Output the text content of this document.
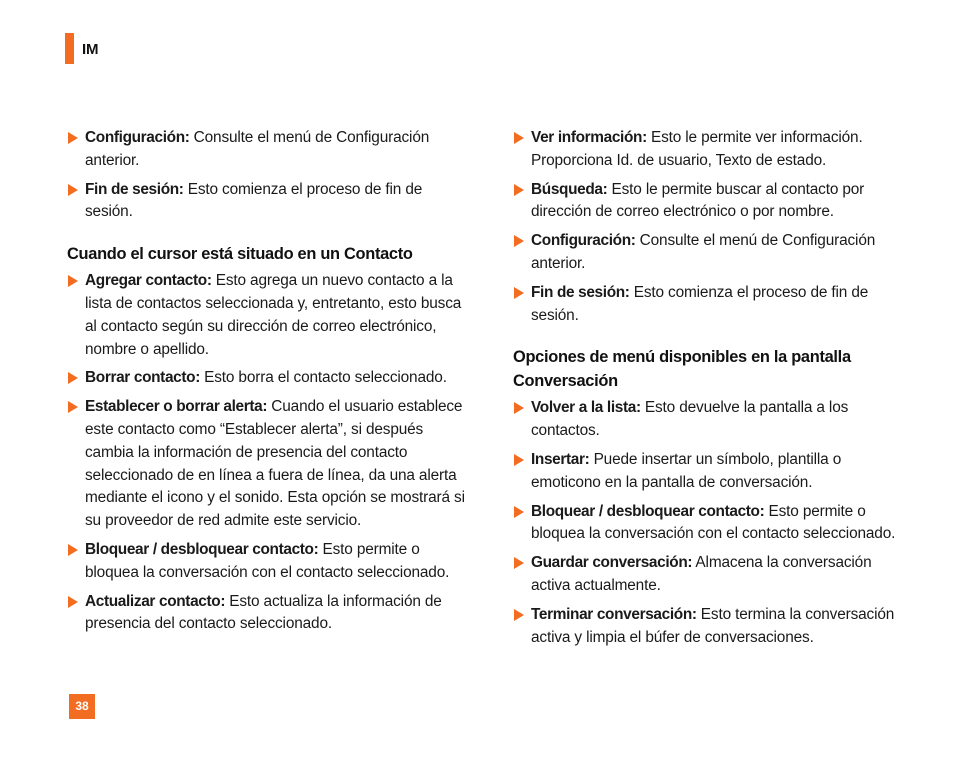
IM
Configuración: Consulte el menú de Configuración anterior.
Fin de sesión: Esto comienza el proceso de fin de sesión.
Cuando el cursor está situado en un Contacto
Agregar contacto: Esto agrega un nuevo contacto a la lista de contactos seleccionada y, entretanto, esto busca al contacto según su dirección de correo electrónico, nombre o apellido.
Borrar contacto: Esto borra el contacto seleccionado.
Establecer o borrar alerta: Cuando el usuario establece este contacto como “Establecer alerta”, si después cambia la información de presencia del contacto seleccionado de en línea a fuera de línea, da una alerta mediante el icono y el sonido. Esta opción se mostrará si su proveedor de red admite este servicio.
Bloquear / desbloquear contacto: Esto permite o bloquea la conversación con el contacto seleccionado.
Actualizar contacto: Esto actualiza la información de presencia del contacto seleccionado.
Ver información: Esto le permite ver información. Proporciona Id. de usuario, Texto de estado.
Búsqueda: Esto le permite buscar al contacto por dirección de correo electrónico o por nombre.
Configuración: Consulte el menú de Configuración anterior.
Fin de sesión: Esto comienza el proceso de fin de sesión.
Opciones de menú disponibles en la pantalla Conversación
Volver a la lista: Esto devuelve la pantalla a los contactos.
Insertar: Puede insertar un símbolo, plantilla o emoticono en la pantalla de conversación.
Bloquear / desbloquear contacto: Esto permite o bloquea la conversación con el contacto seleccionado.
Guardar conversación: Almacena la conversación activa actualmente.
Terminar conversación: Esto termina la conversación activa y limpia el búfer de conversaciones.
38
